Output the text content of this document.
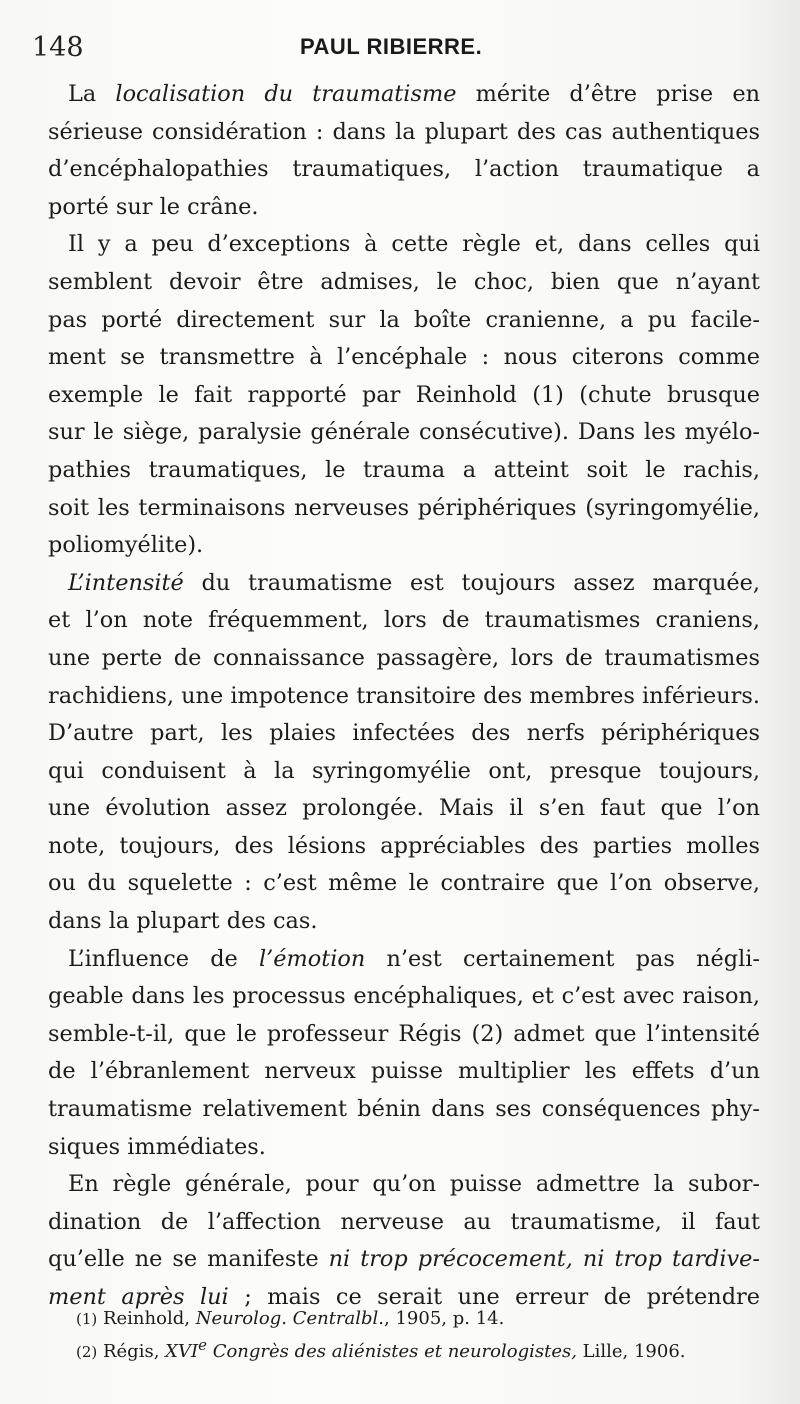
148	PAUL RIBIERRE.
La localisation du traumatisme mérite d’être prise en
sérieuse considération : dans la plupart des cas authentiques
d’encéphalopathies traumatiques, l’action traumatique a
porté sur le crâne.
Il y a peu d’exceptions à cette règle et, dans celles qui
semblent devoir être admises, le choc, bien que n’ayant
pas porté directement sur la boîte cranienne, a pu facile-
ment se transmettre à l’encéphale : nous citerons comme
exemple le fait rapporté par Reinhold (1) (chute brusque
sur le siège, paralysie générale consécutive). Dans les myélo-
pathies traumatiques, le trauma a atteint soit le rachis,
soit les terminaisons nerveuses périphériques (syringomyélie,
poliomyélite).
L’intensité du traumatisme est toujours assez marquée,
et l’on note fréquemment, lors de traumatismes craniens,
une perte de connaissance passagère, lors de traumatismes
rachidiens, une impotence transitoire des membres inférieurs.
D’autre part, les plaies infectées des nerfs périphériques
qui conduisent à la syringomyélie ont, presque toujours,
une évolution assez prolongée. Mais il s’en faut que l’on
note, toujours, des lésions appréciables des parties molles
ou du squelette : c’est même le contraire que l’on observe,
dans la plupart des cas.
L’influence de l’émotion n’est certainement pas négli-
geable dans les processus encéphaliques, et c’est avec raison,
semble-t-il, que le professeur Régis (2) admet que l’intensité
de l’ébranlement nerveux puisse multiplier les effets d’un
traumatisme relativement bénin dans ses conséquences phy-
siques immédiates.
En règle générale, pour qu’on puisse admettre la subor-
dination de l’affection nerveuse au traumatisme, il faut
qu’elle ne se manifeste ni trop précocement, ni trop tardive-
ment après lui ; mais ce serait une erreur de prétendre
(1) Reinhold, Neurolog. Centralbl., 1905, p. 14.
(2) Régis, XVIe Congrès des aliénistes et neurologistes, Lille, 1906.
